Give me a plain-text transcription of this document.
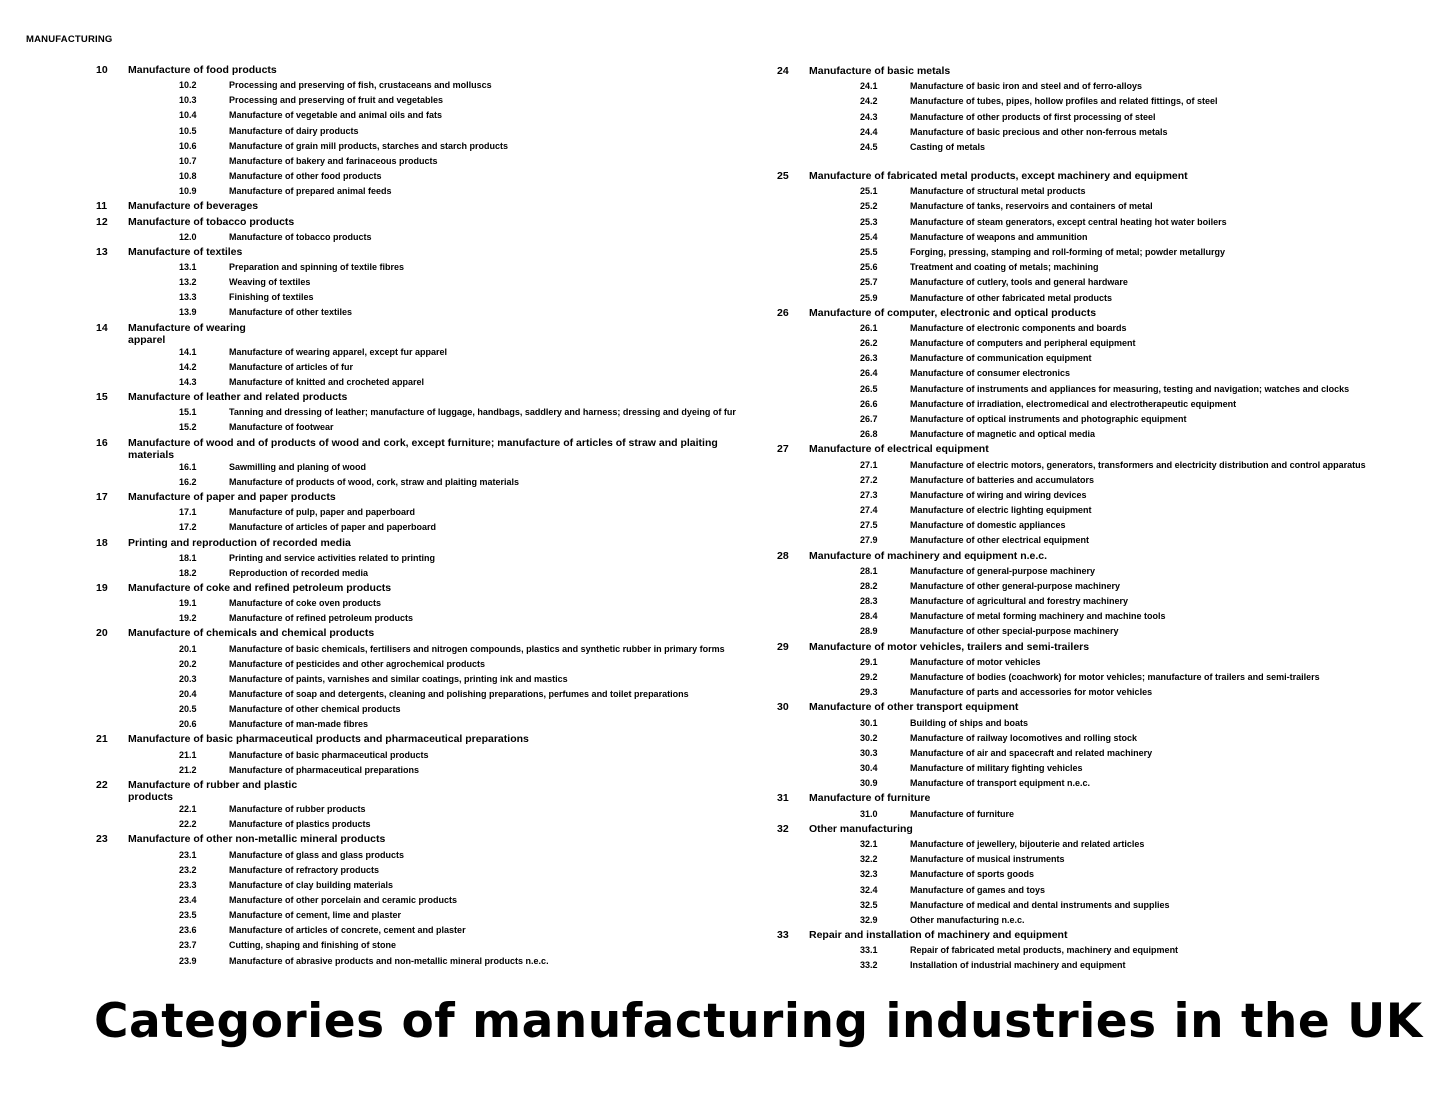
MANUFACTURING
10 Manufacture of food products
10.2	Processing and preserving of fish, crustaceans and molluscs
10.3	Processing and preserving of fruit and vegetables
10.4	Manufacture of vegetable and animal oils and fats
10.5	Manufacture of dairy products
10.6	Manufacture of grain mill products, starches and starch products
10.7	Manufacture of bakery and farinaceous products
10.8	Manufacture of other food products
10.9	Manufacture of prepared animal feeds
11 Manufacture of beverages
12 Manufacture of tobacco products
12.0	Manufacture of tobacco products
13 Manufacture of textiles
13.1	Preparation and spinning of textile fibres
13.2	Weaving of textiles
13.3	Finishing of textiles
13.9	Manufacture of other textiles
14 Manufacture of wearing
apparel
14.1	Manufacture of wearing apparel, except fur apparel
14.2	Manufacture of articles of fur
14.3	Manufacture of knitted and crocheted apparel
15 Manufacture of leather and related products
15.1	Tanning and dressing of leather; manufacture of luggage, handbags, saddlery and harness; dressing and dyeing of fur
15.2	Manufacture of footwear
16 Manufacture of wood and of products of wood and cork, except furniture; manufacture of articles of straw and plaiting
materials
16.1	Sawmilling and planing of wood
16.2	Manufacture of products of wood, cork, straw and plaiting materials
17 Manufacture of paper and paper products
17.1	Manufacture of pulp, paper and paperboard
17.2	Manufacture of articles of paper and paperboard
18 Printing and reproduction of recorded media
18.1	Printing and service activities related to printing
18.2	Reproduction of recorded media
19 Manufacture of coke and refined petroleum products
19.1	Manufacture of coke oven products
19.2	Manufacture of refined petroleum products
20 Manufacture of chemicals and chemical products
20.1	Manufacture of basic chemicals, fertilisers and nitrogen compounds, plastics and synthetic rubber in primary forms
20.2	Manufacture of pesticides and other agrochemical products
20.3	Manufacture of paints, varnishes and similar coatings, printing ink and mastics
20.4	Manufacture of soap and detergents, cleaning and polishing preparations, perfumes and toilet preparations
20.5	Manufacture of other chemical products
20.6	Manufacture of man-made fibres
21 Manufacture of basic pharmaceutical products and pharmaceutical preparations
21.1	Manufacture of basic pharmaceutical products
21.2	Manufacture of pharmaceutical preparations
22 Manufacture of rubber and plastic
products
22.1	Manufacture of rubber products
22.2	Manufacture of plastics products
23 Manufacture of other non-metallic mineral products
23.1	Manufacture of glass and glass products
23.2	Manufacture of refractory products
23.3	Manufacture of clay building materials
23.4	Manufacture of other porcelain and ceramic products
23.5	Manufacture of cement, lime and plaster
23.6	Manufacture of articles of concrete, cement and plaster
23.7	Cutting, shaping and finishing of stone
23.9	Manufacture of abrasive products and non-metallic mineral products n.e.c.
24 Manufacture of basic metals
24.1	Manufacture of basic iron and steel and of ferro-alloys
24.2	Manufacture of tubes, pipes, hollow profiles and related fittings, of steel
24.3	Manufacture of other products of first processing of steel
24.4	Manufacture of basic precious and other non-ferrous metals
24.5	Casting of metals
25 Manufacture of fabricated metal products, except machinery and equipment
25.1	Manufacture of structural metal products
25.2	Manufacture of tanks, reservoirs and containers of metal
25.3	Manufacture of steam generators, except central heating hot water boilers
25.4	Manufacture of weapons and ammunition
25.5	Forging, pressing, stamping and roll-forming of metal; powder metallurgy
25.6	Treatment and coating of metals; machining
25.7	Manufacture of cutlery, tools and general hardware
25.9	Manufacture of other fabricated metal products
26 Manufacture of computer, electronic and optical products
26.1	Manufacture of electronic components and boards
26.2	Manufacture of computers and peripheral equipment
26.3	Manufacture of communication equipment
26.4	Manufacture of consumer electronics
26.5	Manufacture of instruments and appliances for measuring, testing and navigation; watches and clocks
26.6	Manufacture of irradiation, electromedical and electrotherapeutic equipment
26.7	Manufacture of optical instruments and photographic equipment
26.8	Manufacture of magnetic and optical media
27 Manufacture of electrical equipment
27.1	Manufacture of electric motors, generators, transformers and electricity distribution and control apparatus
27.2	Manufacture of batteries and accumulators
27.3	Manufacture of wiring and wiring devices
27.4	Manufacture of electric lighting equipment
27.5	Manufacture of domestic appliances
27.9	Manufacture of other electrical equipment
28 Manufacture of machinery and equipment n.e.c.
28.1	Manufacture of general-purpose machinery
28.2	Manufacture of other general-purpose machinery
28.3	Manufacture of agricultural and forestry machinery
28.4	Manufacture of metal forming machinery and machine tools
28.9	Manufacture of other special-purpose machinery
29 Manufacture of motor vehicles, trailers and semi-trailers
29.1	Manufacture of motor vehicles
29.2	Manufacture of bodies (coachwork) for motor vehicles; manufacture of trailers and semi-trailers
29.3	Manufacture of parts and accessories for motor vehicles
30 Manufacture of other transport equipment
30.1	Building of ships and boats
30.2	Manufacture of railway locomotives and rolling stock
30.3	Manufacture of air and spacecraft and related machinery
30.4	Manufacture of military fighting vehicles
30.9	Manufacture of transport equipment n.e.c.
31 Manufacture of furniture
31.0	Manufacture of furniture
32 Other manufacturing
32.1	Manufacture of jewellery, bijouterie and related articles
32.2	Manufacture of musical instruments
32.3	Manufacture of sports goods
32.4	Manufacture of games and toys
32.5	Manufacture of medical and dental instruments and supplies
32.9	Other manufacturing n.e.c.
33 Repair and installation of machinery and equipment
33.1	Repair of fabricated metal products, machinery and equipment
33.2	Installation of industrial machinery and equipment
Categories of manufacturing industries in the UK
